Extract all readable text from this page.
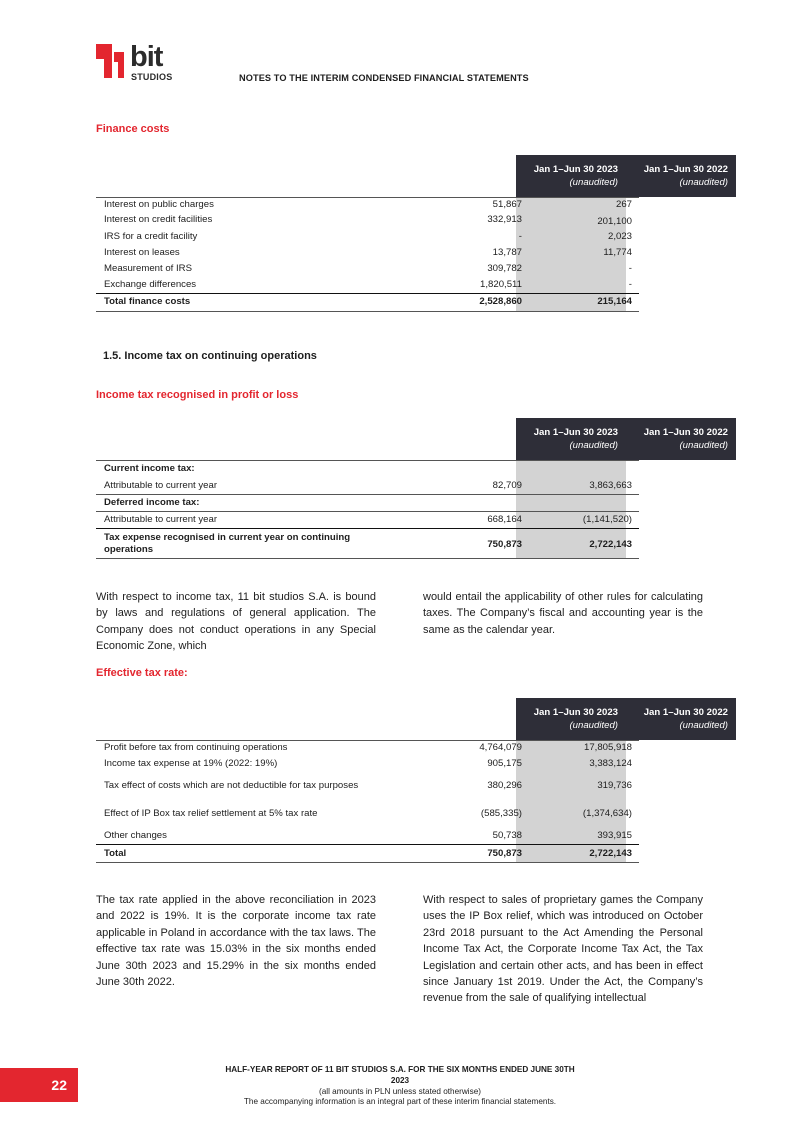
bit
STUDIOS	NOTES TO THE INTERIM CONDENSED FINANCIAL STATEMENTS
Finance costs
Jan 1–Jun 30 2023
(unaudited)
Jan 1–Jun 30 2022
(unaudited)
Interest on public charges	51,867	267
Interest on credit facilities	332,913	201,100
IRS for a credit facility	-	2,023
Interest on leases	13,787	11,774
Measurement of IRS	309,782	-
Exchange differences	1,820,511	-
Total finance costs	2,528,860	215,164
1.5. Income tax on continuing operations
Income tax recognised in profit or loss
Jan 1–Jun 30 2023
(unaudited)
Jan 1–Jun 30 2022
(unaudited)
Current income tax:
Attributable to current year	82,709	3,863,663
Deferred income tax:
Attributable to current year	668,164	(1,141,520)
Tax expense recognised in current year on continuing
operations	750,873	2,722,143
With respect to income tax, 11 bit studios S.A. is bound by laws and regulations of general application. The Company does not conduct operations in any Special Economic Zone, which
would entail the applicability of other rules for calculating taxes. The Company’s fiscal and accounting year is the same as the calendar year.
Effective tax rate:
Jan 1–Jun 30 2023
(unaudited)
Jan 1–Jun 30 2022
(unaudited)
Profit before tax from continuing operations	4,764,079	17,805,918
Income tax expense at 19% (2022: 19%)	905,175	3,383,124
Tax effect of costs which are not deductible for tax purposes	380,296	319,736
Effect of IP Box tax relief settlement at 5% tax rate	(585,335)	(1,374,634)
Other changes	50,738	393,915
Total	750,873	2,722,143
The tax rate applied in the above reconciliation in 2023 and 2022 is 19%. It is the corporate income tax rate applicable in Poland in accordance with the tax laws. The effective tax rate was 15.03% in the six months ended June 30th 2023 and 15.29% in the six months ended June 30th 2022.
With respect to sales of proprietary games the Company uses the IP Box relief, which was introduced on October 23rd 2018 pursuant to the Act Amending the Personal Income Tax Act, the Corporate Income Tax Act, the Tax Legislation and certain other acts, and has been in effect since January 1st 2019. Under the Act, the Company’s revenue from the sale of qualifying intellectual
22
HALF-YEAR REPORT OF 11 BIT STUDIOS S.A. FOR THE SIX MONTHS ENDED JUNE 30TH
2023
(all amounts in PLN unless stated otherwise)
The accompanying information is an integral part of these interim financial statements.
